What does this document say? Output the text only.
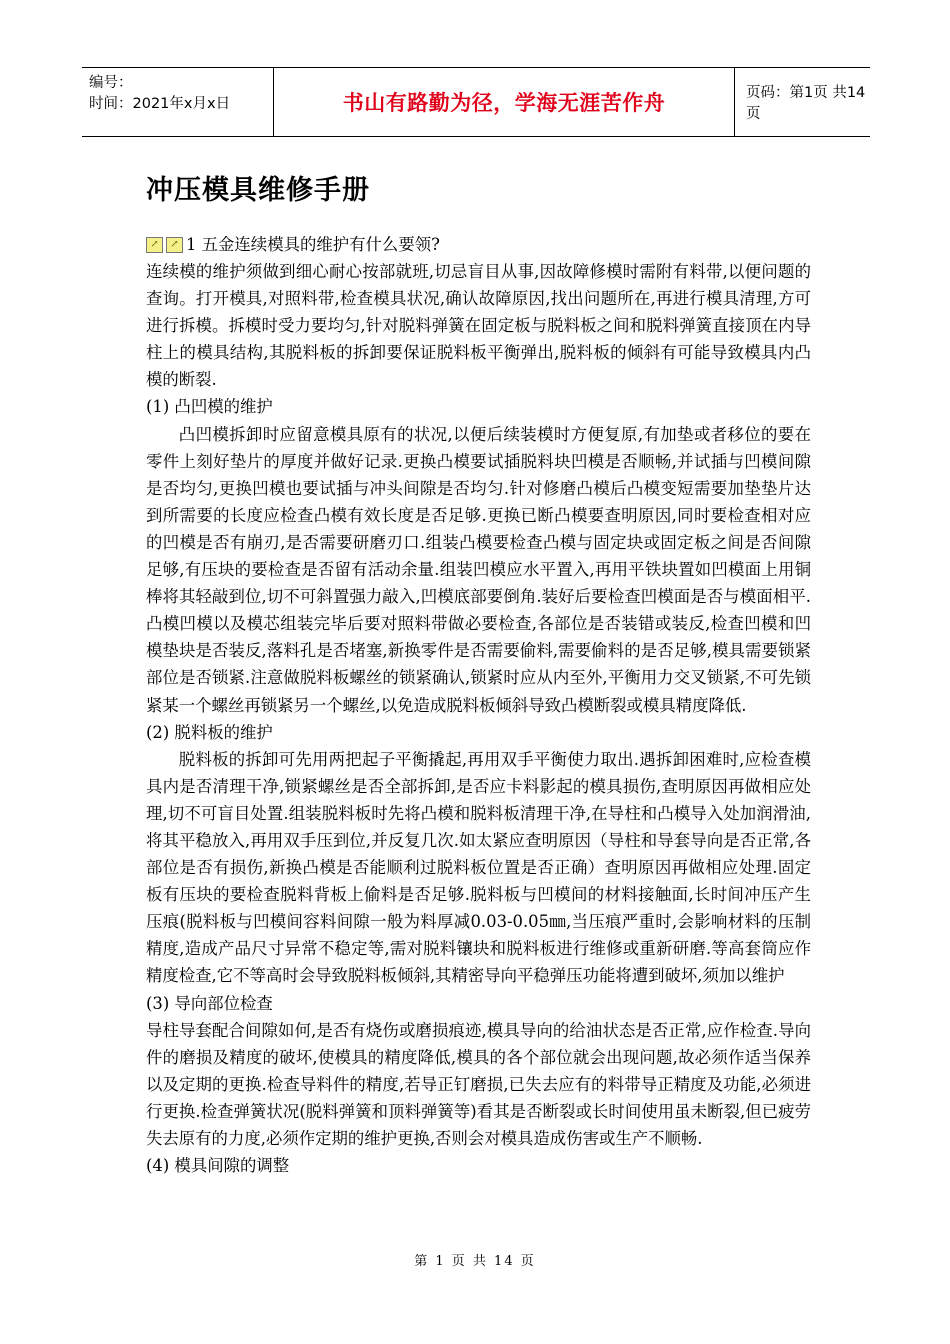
编号：
时间：2021年x月x日	书山有路勤为径，学海无涯苦作舟	页码：第1页 共14页
冲压模具维修手册
↗	↗ 1 五金连续模具的维护有什么要领?

连续模的维护须做到细心耐心按部就班,切忌盲目从事,因故障修模时需附有料带,以便问题的查询。打开模具,对照料带,检查模具状况,确认故障原因,找出问题所在,再进行模具清理,方可进行拆模。拆模时受力要均匀,针对脱料弹簧在固定板与脱料板之间和脱料弹簧直接顶在内导柱上的模具结构,其脱料板的拆卸要保证脱料板平衡弹出,脱料板的倾斜有可能导致模具内凸模的断裂.

(1) 凸凹模的维护

凸凹模拆卸时应留意模具原有的状况,以便后续装模时方便复原,有加垫或者移位的要在零件上刻好垫片的厚度并做好记录.更换凸模要试插脱料块凹模是否顺畅,并试插与凹模间隙是否均匀,更换凹模也要试插与冲头间隙是否均匀.针对修磨凸模后凸模变短需要加垫垫片达到所需要的长度应检查凸模有效长度是否足够.更换已断凸模要查明原因,同时要检查相对应的凹模是否有崩刃,是否需要研磨刃口.组装凸模要检查凸模与固定块或固定板之间是否间隙足够,有压块的要检查是否留有活动余量.组装凹模应水平置入,再用平铁块置如凹模面上用铜棒将其轻敲到位,切不可斜置强力敲入,凹模底部要倒角.装好后要检查凹模面是否与模面相平.凸模凹模以及模芯组装完毕后要对照料带做必要检查,各部位是否装错或装反,检查凹模和凹模垫块是否装反,落料孔是否堵塞,新换零件是否需要偷料,需要偷料的是否足够,模具需要锁紧部位是否锁紧.注意做脱料板螺丝的锁紧确认,锁紧时应从内至外,平衡用力交叉锁紧,不可先锁紧某一个螺丝再锁紧另一个螺丝,以免造成脱料板倾斜导致凸模断裂或模具精度降低.

(2) 脱料板的维护

脱料板的拆卸可先用两把起子平衡撬起,再用双手平衡使力取出.遇拆卸困难时,应检查模具内是否清理干净,锁紧螺丝是否全部拆卸,是否应卡料影起的模具损伤,查明原因再做相应处理,切不可盲目处置.组装脱料板时先将凸模和脱料板清理干净,在导柱和凸模导入处加润滑油,将其平稳放入,再用双手压到位,并反复几次.如太紧应查明原因（导柱和导套导向是否正常,各部位是否有损伤,新换凸模是否能顺利过脱料板位置是否正确）查明原因再做相应处理.固定板有压块的要检查脱料背板上偷料是否足够.脱料板与凹模间的材料接触面,长时间冲压产生压痕(脱料板与凹模间容料间隙一般为料厚减0.03-0.05㎜,当压痕严重时,会影响材料的压制精度,造成产品尺寸异常不稳定等,需对脱料镶块和脱料板进行维修或重新研磨.等高套筒应作精度检查,它不等高时会导致脱料板倾斜,其精密导向平稳弹压功能将遭到破坏,须加以维护

(3) 导向部位检查

导柱导套配合间隙如何,是否有烧伤或磨损痕迹,模具导向的给油状态是否正常,应作检查.导向件的磨损及精度的破坏,使模具的精度降低,模具的各个部位就会出现问题,故必须作适当保养以及定期的更换.检查导料件的精度,若导正钉磨损,已失去应有的料带导正精度及功能,必须进行更换.检查弹簧状况(脱料弹簧和顶料弹簧等)看其是否断裂或长时间使用虽未断裂,但已疲劳失去原有的力度,必须作定期的维护更换,否则会对模具造成伤害或生产不顺畅.

(4) 模具间隙的调整

第 1 页 共 14 页
